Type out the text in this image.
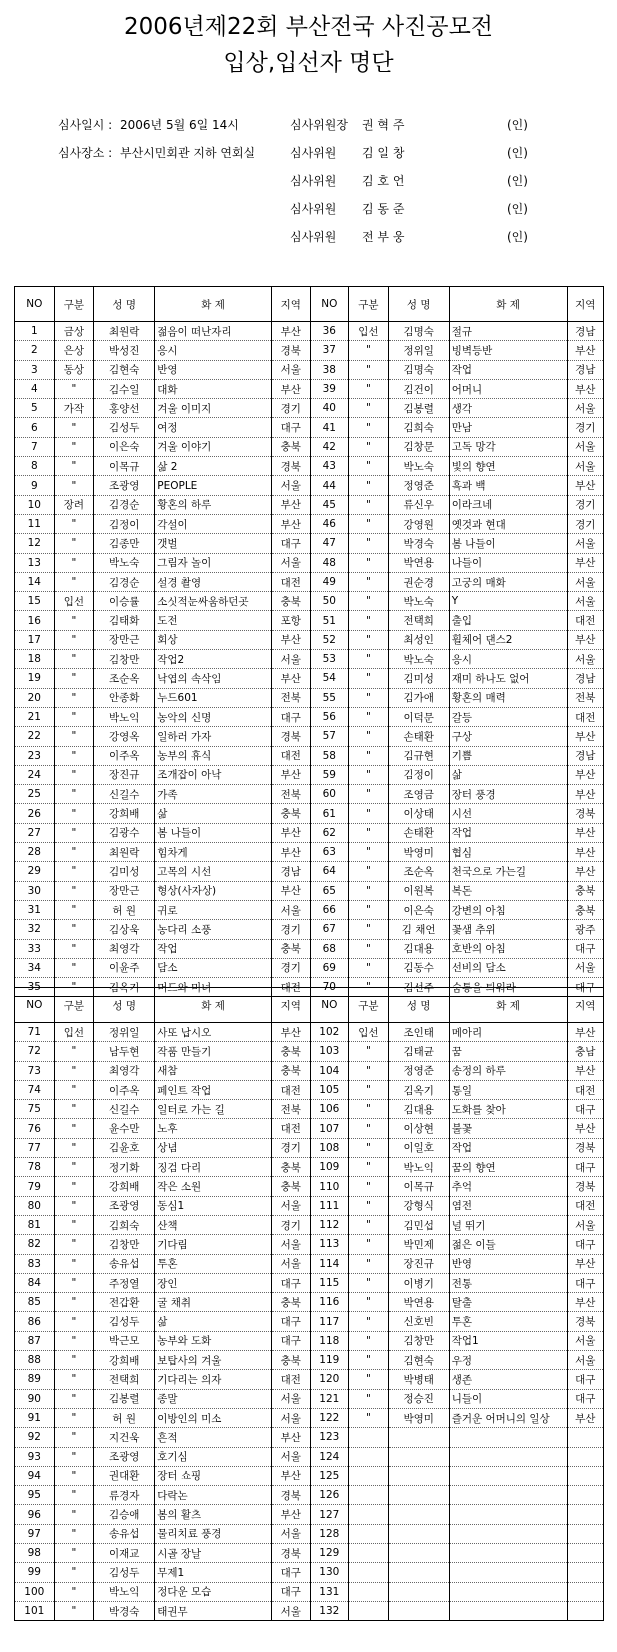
2006년제22회 부산전국 사진공모전
입상,입선자 명단
심사일시 : 2006년 5월 6일 14시	심사위원장 권 혁 주	(인)
심사장소 : 부산시민회관 지하 연회실	심사위원 김 일 창	(인)
심사위원 김 호 언	(인)
심사위원 김 동 준	(인)
심사위원 전 부 웅	(인)
NO	구분	성 명	화 제	지역	NO	구분	성 명	화 제	지역
1	금상	최원락	젊음이 떠난자리	부산	36	입선	김명숙	절규	경남
2	은상	박성진	응시	경북	37	"	정위일	빙벽등반	부산
3	동상	김현숙	반영	서울	38	"	김명숙	작업	경남
4	"	김수일	대화	부산	39	"	김건이	어머니	부산
5	가작	홍양선	겨울 이미지	경기	40	"	김봉렬	생각	서울
6	"	김성두	여정	대구	41	"	김희숙	만남	경기
7	"	이은숙	겨울 이야기	충북	42	"	김창문	고독 망각	서울
8	"	이목규	삶 2	경북	43	"	박노숙	빛의 향연	서울
9	"	조광영	PEOPLE	서울	44	"	정영준	흑과 백	부산
10	장려	김경순	황혼의 하루	부산	45	"	류신우	이라크네	경기
11	"	김정이	각설이	부산	46	"	강영원	옛것과 현대	경기
12	"	김종만	갯벌	대구	47	"	박경숙	봄 나들이	서울
13	"	박노숙	그림자 놀이	서울	48	"	박연용	나들이	부산
14	"	김경순	설경 촬영	대전	49	"	권순경	고궁의 매화	서울
15	입선	이승률	소싯적눈싸움하던곳	충북	50	"	박노숙	Y	서울
16	"	김태화	도전	포항	51	"	전택희	출입	대전
17	"	장만근	회상	부산	52	"	최성인	휠체어 댄스2	부산
18	"	김창만	작업2	서울	53	"	박노숙	응시	서울
19	"	조순옥	낙엽의 속삭임	부산	54	"	김미성	재미 하나도 없어	경남
20	"	안종화	누드601	전북	55	"	김가애	황혼의 매력	전북
21	"	박노익	농악의 신명	대구	56	"	이덕문	갈등	대전
22	"	강영옥	일하러 가자	경북	57	"	손태환	구상	부산
23	"	이주옥	농부의 휴식	대전	58	"	김규현	기쁨	경남
24	"	장진규	조개잡이 아낙	부산	59	"	김정이	삶	부산
25	"	신길수	가족	전북	60	"	조영금	장터 풍경	부산
26	"	강희배	삶	충북	61	"	이상태	시선	경북
27	"	김광수	봄 나들이	부산	62	"	손태환	작업	부산
28	"	최원락	힘차게	부산	63	"	박영미	협심	부산
29	"	김미성	고목의 시선	경남	64	"	조순옥	천국으로 가는길	부산
30	"	장만근	형상(사자상)	부산	65	"	이원복	복돈	충북
31	"	허 원	귀로	서울	66	"	이은숙	강변의 아침	충북
32	"	김상욱	농다리 소풍	경기	67	"	김 채언	꽃샘 추위	광주
33	"	최영각	작업	충북	68	"	김대용	호반의 아침	대구
34	"	이윤주	담소	경기	69	"	김동수	선비의 담소	서울
35	"	김옥기	머드와 미녀	대전	70	"	김선주	숨통을 틔워라	대구
NO	구분	성 명	화 제	지역	NO	구분	성 명	화 제	지역
71	입선	정위일	사또 납시오	부산	102	입선	조인태	메아리	부산
72	"	남두현	작품 만들기	충북	103	"	김태균	꿈	충남
73	"	최영각	새참	충북	104	"	정영준	송정의 하루	부산
74	"	이주옥	페인트 작업	대전	105	"	김옥기	통일	대전
75	"	신길수	일터로 가는 길	전북	106	"	김대용	도화를 찾아	대구
76	"	윤수만	노후	대전	107	"	이상현	불꽃	부산
77	"	김윤호	상념	경기	108	"	이일호	작업	경북
78	"	정기화	징검 다리	충북	109	"	박노익	꿈의 향연	대구
79	"	강희배	작은 소원	충북	110	"	이목규	추억	경북
80	"	조광영	동심1	서울	111	"	강형식	염전	대전
81	"	김희숙	산책	경기	112	"	김민섭	널 뛰기	서울
82	"	김창만	기다림	서울	113	"	박민제	젊은 이들	대구
83	"	송유섭	투혼	서울	114	"	장진규	반영	부산
84	"	주정열	장인	대구	115	"	이병기	전통	대구
85	"	전갑환	굴 채취	충북	116	"	박연용	탈출	부산
86	"	김성두	삶	대구	117	"	신호빈	투혼	경북
87	"	박근모	농부와 도화	대구	118	"	김창만	작업1	서울
88	"	강희배	보탑사의 겨울	충북	119	"	김현숙	우정	서울
89	"	전택희	기다리는 의자	대전	120	"	박병태	생존	대구
90	"	김봉렬	종말	서울	121	"	정승진	니들이	대구
91	"	허 원	이방인의 미소	서울	122	"	박영미	즐거운 어머니의 일상	부산
92	"	지건욱	흔적	부산	123				
93	"	조광영	호기심	서울	124				
94	"	권대환	장터 쇼핑	부산	125				
95	"	류경자	다락논	경북	126				
96	"	김승애	봄의 활츠	부산	127				
97	"	송유섭	물리치료 풍경	서울	128				
98	"	이재교	시골 장날	경북	129				
99	"	김성두	무제1	대구	130				
100	"	박노익	정다운 모습	대구	131				
101	"	박경숙	태권무	서울	132				
